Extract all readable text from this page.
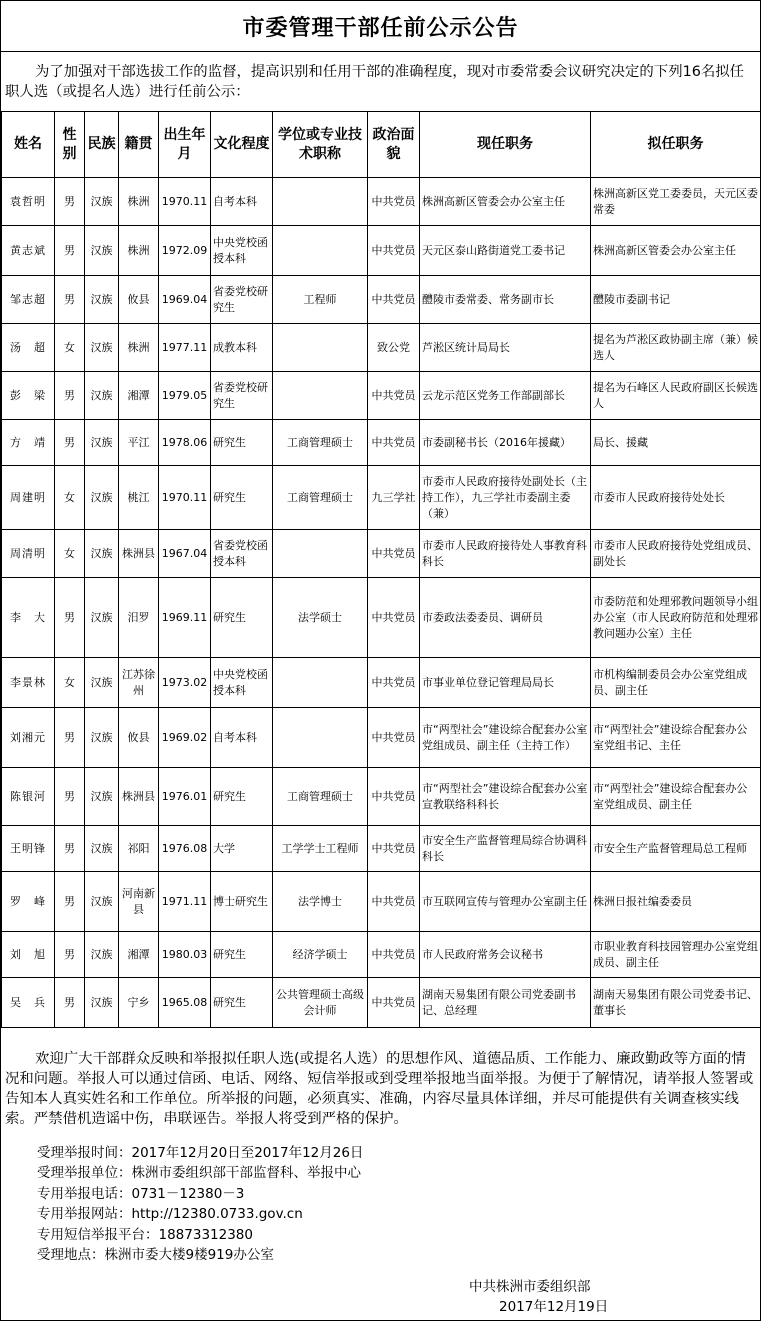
市委管理干部任前公示公告
为了加强对干部选拔工作的监督，提高识别和任用干部的准确程度，现对市委常委会议研究决定的下列16名拟任职人选（或提名人选）进行任前公示：
姓名	性别	民族	籍贯	出生年月	文化程度	学位或专业技术职称	政治面貌	现任职务	拟任职务
袁哲明	男	汉族	株洲	1970.11	自考本科		中共党员	株洲高新区管委会办公室主任	株洲高新区党工委委员，天元区委常委
黄志斌	男	汉族	株洲	1972.09	中央党校函授本科		中共党员	天元区泰山路街道党工委书记	株洲高新区管委会办公室主任
邹志超	男	汉族	攸县	1969.04	省委党校研究生	工程师	中共党员	醴陵市委常委、常务副市长	醴陵市委副书记
汤　超	女	汉族	株洲	1977.11	成教本科		致公党	芦淞区统计局局长	提名为芦淞区政协副主席（兼）候选人
彭　梁	男	汉族	湘潭	1979.05	省委党校研究生		中共党员	云龙示范区党务工作部副部长	提名为石峰区人民政府副区长候选人
方　靖	男	汉族	平江	1978.06	研究生	工商管理硕士	中共党员	市委副秘书长（2016年援藏）	局长、援藏
周建明	女	汉族	桃江	1970.11	研究生	工商管理硕士	九三学社	市委市人民政府接待处副处长（主持工作），九三学社市委副主委（兼）	市委市人民政府接待处处长
周清明	女	汉族	株洲县	1967.04	省委党校函授本科		中共党员	市委市人民政府接待处人事教育科科长	市委市人民政府接待处党组成员、副处长
李　大	男	汉族	汨罗	1969.11	研究生	法学硕士	中共党员	市委政法委委员、调研员	市委防范和处理邪教问题领导小组办公室（市人民政府防范和处理邪教问题办公室）主任
李景林	女	汉族	江苏徐州	1973.02	中央党校函授本科		中共党员	市事业单位登记管理局局长	市机构编制委员会办公室党组成员、副主任
刘湘元	男	汉族	攸县	1969.02	自考本科		中共党员	市“两型社会”建设综合配套办公室党组成员、副主任（主持工作）	市“两型社会”建设综合配套办公室党组书记、主任
陈银河	男	汉族	株洲县	1976.01	研究生	工商管理硕士	中共党员	市“两型社会”建设综合配套办公室宣教联络科科长	市“两型社会”建设综合配套办公室党组成员、副主任
王明锋	男	汉族	祁阳	1976.08	大学	工学学士工程师	中共党员	市安全生产监督管理局综合协调科科长	市安全生产监督管理局总工程师
罗　峰	男	汉族	河南新县	1971.11	博士研究生	法学博士	中共党员	市互联网宣传与管理办公室副主任	株洲日报社编委委员
刘　旭	男	汉族	湘潭	1980.03	研究生	经济学硕士	中共党员	市人民政府常务会议秘书	市职业教育科技园管理办公室党组成员、副主任
吴　兵	男	汉族	宁乡	1965.08	研究生	公共管理硕士高级会计师	中共党员	湖南天易集团有限公司党委副书记、总经理	湖南天易集团有限公司党委书记、董事长
欢迎广大干部群众反映和举报拟任职人选(或提名人选）的思想作风、道德品质、工作能力、廉政勤政等方面的情况和问题。举报人可以通过信函、电话、网络、短信举报或到受理举报地当面举报。为便于了解情况，请举报人签署或告知本人真实姓名和工作单位。所举报的问题，必须真实、准确，内容尽量具体详细，并尽可能提供有关调查核实线索。严禁借机造谣中伤，串联诬告。举报人将受到严格的保护。
受理举报时间：2017年12月20日至2017年12月26日
受理举报单位：株洲市委组织部干部监督科、举报中心
专用举报电话：0731－12380－3
专用举报网站：http://12380.0733.gov.cn
专用短信举报平台：18873312380
受理地点：株洲市委大楼9楼919办公室
中共株洲市委组织部
2017年12月19日
